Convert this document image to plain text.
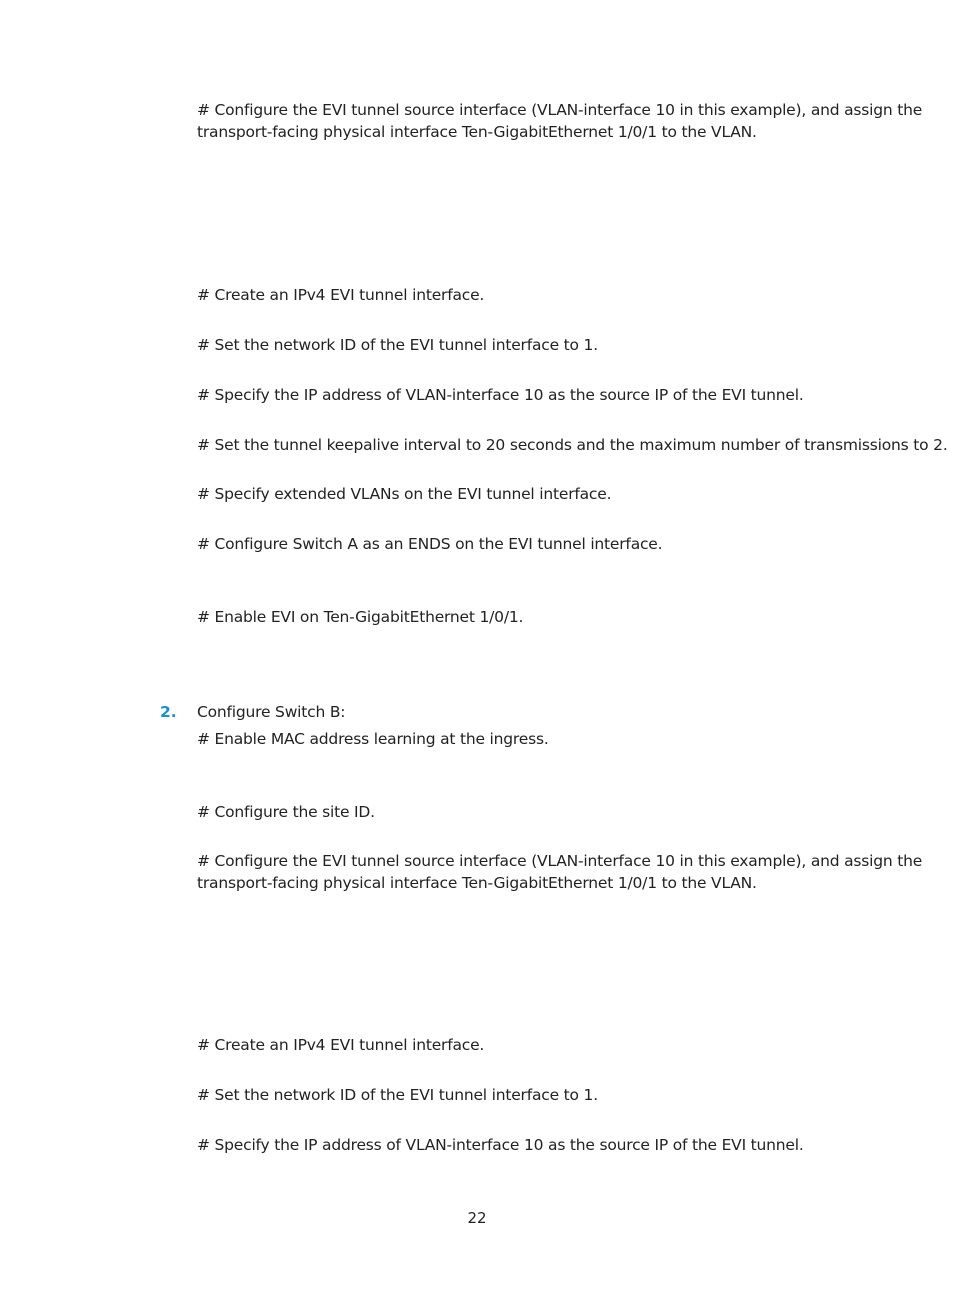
# Configure the EVI tunnel source interface (VLAN-interface 10 in this example), and assign the
transport-facing physical interface Ten-GigabitEthernet 1/0/1 to the VLAN.
# Create an IPv4 EVI tunnel interface.
# Set the network ID of the EVI tunnel interface to 1.
# Specify the IP address of VLAN-interface 10 as the source IP of the EVI tunnel.
# Set the tunnel keepalive interval to 20 seconds and the maximum number of transmissions to 2.
# Specify extended VLANs on the EVI tunnel interface.
# Configure Switch A as an ENDS on the EVI tunnel interface.
# Enable EVI on Ten-GigabitEthernet 1/0/1.
2. Configure Switch B:
# Enable MAC address learning at the ingress.
# Configure the site ID.
# Configure the EVI tunnel source interface (VLAN-interface 10 in this example), and assign the
transport-facing physical interface Ten-GigabitEthernet 1/0/1 to the VLAN.
# Create an IPv4 EVI tunnel interface.
# Set the network ID of the EVI tunnel interface to 1.
# Specify the IP address of VLAN-interface 10 as the source IP of the EVI tunnel.
22
